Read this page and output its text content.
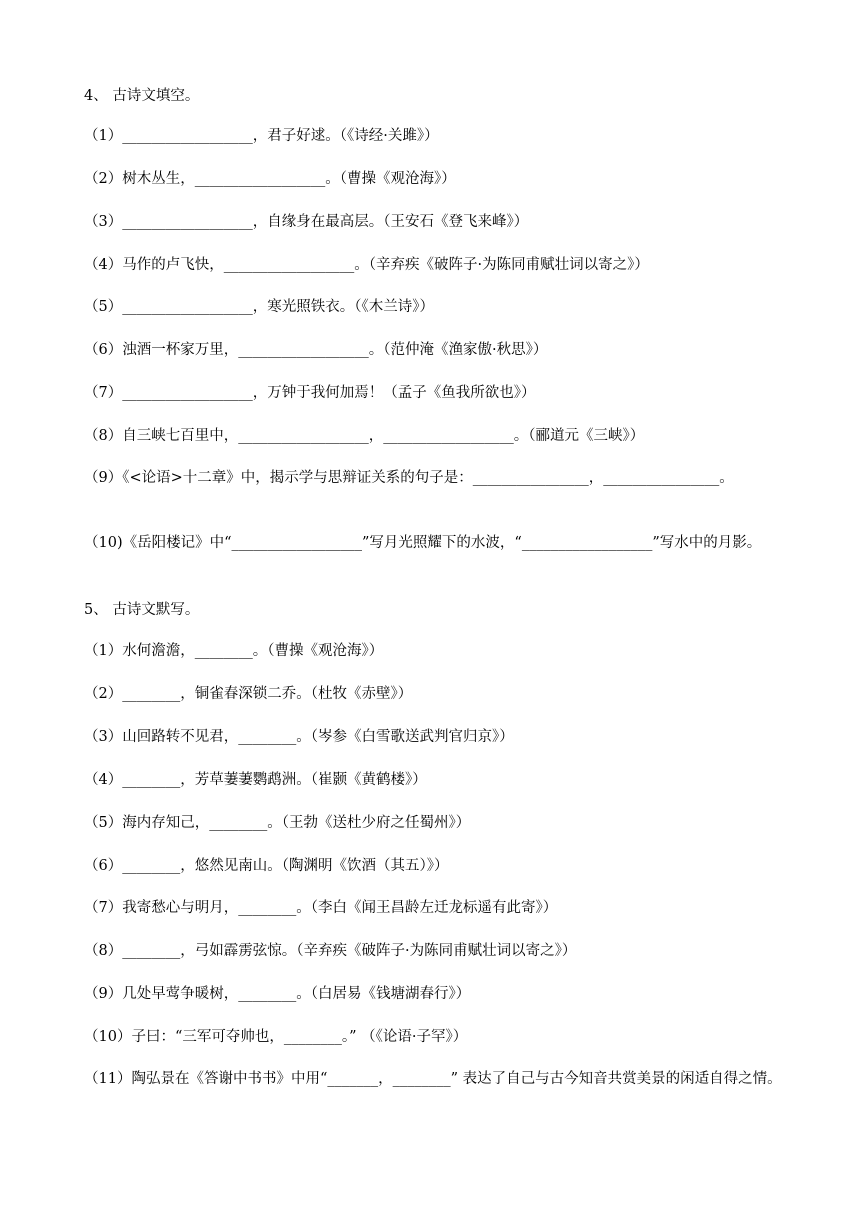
4、 古诗文填空。
（1）__________________，君子好逑。（《诗经·关雎》）
（2）树木丛生，__________________。（曹操《观沧海》）
（3）__________________，自缘身在最高层。（王安石《登飞来峰》）
（4）马作的卢飞快，__________________。（辛弃疾《破阵子·为陈同甫赋壮词以寄之》）
（5）__________________，寒光照铁衣。（《木兰诗》）
（6）浊酒一杯家万里，__________________。（范仲淹《渔家傲·秋思》）
（7）__________________，万钟于我何加焉！（孟子《鱼我所欲也》）
（8）自三峡七百里中，__________________，__________________。（郦道元《三峡》）
（9）《<论语>十二章》中，揭示学与思辩证关系的句子是：________________，________________。
（10)《岳阳楼记》中“__________________”写月光照耀下的水波，“__________________”写水中的月影。
5、 古诗文默写。
（1）水何澹澹，________。（曹操《观沧海》）
（2）________，铜雀春深锁二乔。（杜牧《赤壁》）
（3）山回路转不见君，________。（岑参《白雪歌送武判官归京》）
（4）________，芳草萋萋鹦鹉洲。（崔颢《黄鹤楼》）
（5）海内存知己，________。（王勃《送杜少府之任蜀州》）
（6）________，悠然见南山。（陶渊明《饮酒（其五）》）
（7）我寄愁心与明月，________。（李白《闻王昌龄左迁龙标遥有此寄》）
（8）________，弓如霹雳弦惊。（辛弃疾《破阵子·为陈同甫赋壮词以寄之》）
（9）几处早莺争暖树，________。（白居易《钱塘湖春行》）
（10）子曰：“三军可夺帅也，________。” （《论语·子罕》）
（11）陶弘景在《答谢中书书》中用“_______，________” 表达了自己与古今知音共赏美景的闲适自得之情。
